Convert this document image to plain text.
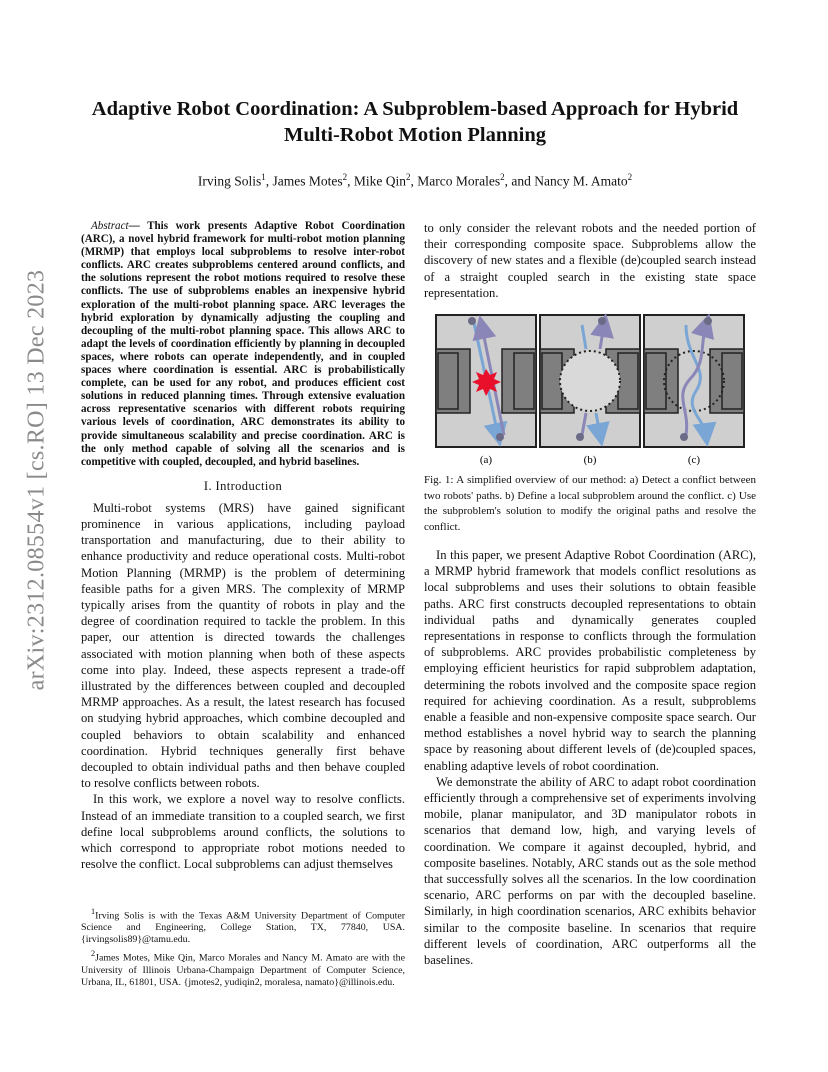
arXiv:2312.08554v1 [cs.RO] 13 Dec 2023
Adaptive Robot Coordination: A Subproblem-based Approach for Hybrid Multi-Robot Motion Planning
Irving Solis$^1$, James Motes$^2$, Mike Qin$^2$, Marco Morales$^2$, and Nancy M. Amato$^2$

Abstract— This work presents Adaptive Robot Coordination (ARC), a novel hybrid framework for multi-robot motion planning (MRMP) that employs local subproblems to resolve inter-robot conflicts. ARC creates subproblems centered around conflicts, and the solutions represent the robot motions required to resolve these conflicts. The use of subproblems enables an inexpensive hybrid exploration of the multi-robot planning space. ARC leverages the hybrid exploration by dynamically adjusting the coupling and decoupling of the multi-robot planning space. This allows ARC to adapt the levels of coordination efficiently by planning in decoupled spaces, where robots can operate independently, and in coupled spaces where coordination is essential. ARC is probabilistically complete, can be used for any robot, and produces efficient cost solutions in reduced planning times. Through extensive evaluation across representative scenarios with different robots requiring various levels of coordination, ARC demonstrates its ability to provide simultaneous scalability and precise coordination. ARC is the only method capable of solving all the scenarios and is competitive with coupled, decoupled, and hybrid baselines.

I. Introduction

Multi-robot systems (MRS) have gained significant prominence in various applications, including payload transportation and manufacturing, due to their ability to enhance productivity and reduce operational costs. Multi-robot Motion Planning (MRMP) is the problem of determining feasible paths for a given MRS. The complexity of MRMP typically arises from the quantity of robots in play and the degree of coordination required to tackle the problem. In this paper, our attention is directed towards the challenges associated with motion planning when both of these aspects come into play. Indeed, these aspects represent a trade-off illustrated by the differences between coupled and decoupled MRMP approaches. As a result, the latest research has focused on studying hybrid approaches, which combine decoupled and coupled behaviors to obtain scalability and enhanced coordination. Hybrid techniques generally first behave decoupled to obtain individual paths and then behave coupled to resolve conflicts between robots.

In this work, we explore a novel way to resolve conflicts. Instead of an immediate transition to a coupled search, we first define local subproblems around conflicts, the solutions to which correspond to appropriate robot motions needed to resolve the conflict. Local subproblems can adjust themselves

$^1$Irving Solis is with the Texas A&M University Department of Computer Science and Engineering, College Station, TX, 77840, USA. {irvingsolis89}@tamu.edu.

$^2$James Motes, Mike Qin, Marco Morales and Nancy M. Amato are with the University of Illinois Urbana-Champaign Department of Computer Science, Urbana, IL, 61801, USA. {jmotes2, yudiqin2, moralesa, namato}@illinois.edu.

to only consider the relevant robots and the needed portion of their corresponding composite space. Subproblems allow the discovery of new states and a flexible (de)coupled search instead of a straight coupled search in the existing state space representation.

(a)	(b)	(c)

Fig. 1: A simplified overview of our method: a) Detect a conflict between two robots' paths. b) Define a local subproblem around the conflict. c) Use the subproblem's solution to modify the original paths and resolve the conflict.

In this paper, we present Adaptive Robot Coordination (ARC), a MRMP hybrid framework that models conflict resolutions as local subproblems and uses their solutions to obtain feasible paths. ARC first constructs decoupled representations to obtain individual paths and dynamically generates coupled representations in response to conflicts through the formulation of subproblems. ARC provides probabilistic completeness by employing efficient heuristics for rapid subproblem adaptation, determining the robots involved and the composite space region required for achieving coordination. As a result, subproblems enable a feasible and non-expensive composite space search. Our method establishes a novel hybrid way to search the planning space by reasoning about different levels of (de)coupled spaces, enabling adaptive levels of robot coordination.

We demonstrate the ability of ARC to adapt robot coordination efficiently through a comprehensive set of experiments involving mobile, planar manipulator, and 3D manipulator robots in scenarios that demand low, high, and varying levels of coordination. We compare it against decoupled, hybrid, and composite baselines. Notably, ARC stands out as the sole method that successfully solves all the scenarios. In the low coordination scenario, ARC performs on par with the decoupled baseline. Similarly, in high coordination scenarios, ARC exhibits behavior similar to the composite baseline. In scenarios that require different levels of coordination, ARC outperforms all the baselines.
